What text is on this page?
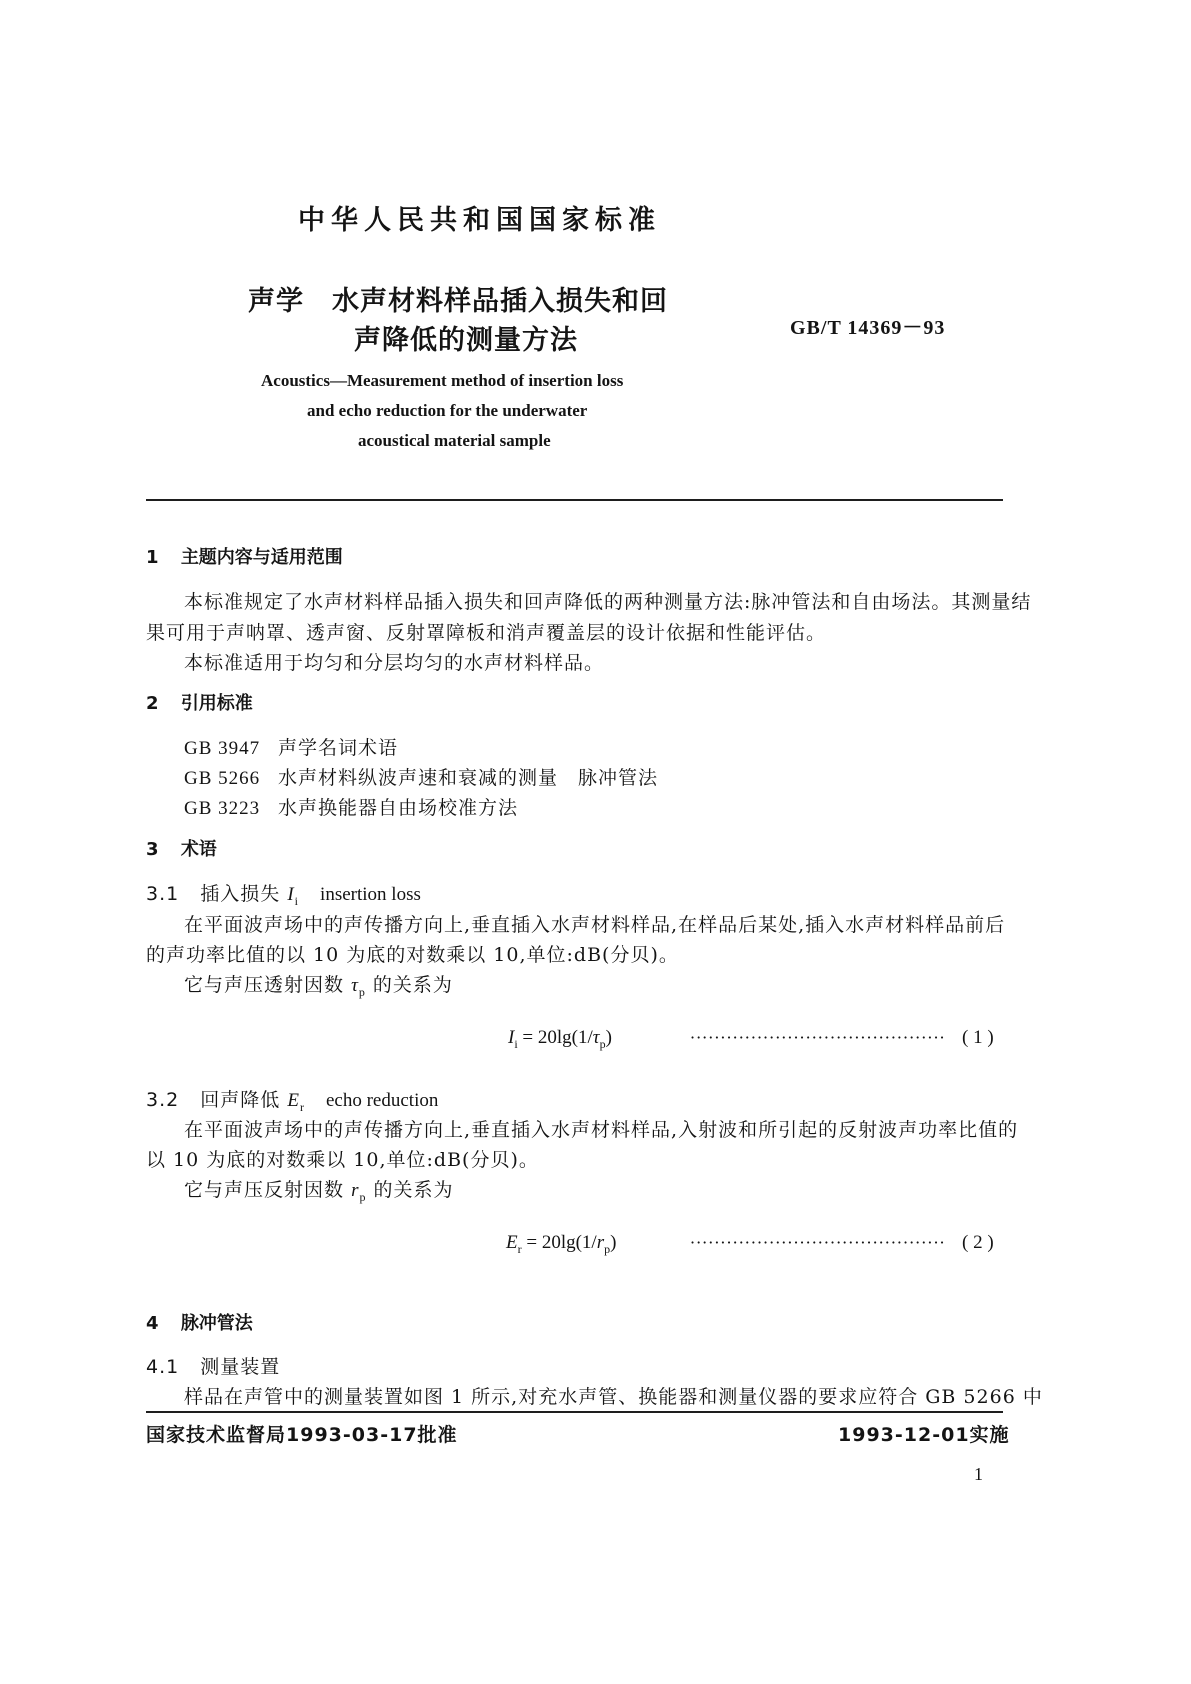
中华人民共和国国家标准
声学　水声材料样品插入损失和回
声降低的测量方法	GB/T 14369－93
Acoustics—Measurement method of insertion loss
and echo reduction for the underwater
acoustical material sample
1 主题内容与适用范围
本标准规定了水声材料样品插入损失和回声降低的两种测量方法:脉冲管法和自由场法。其测量结
果可用于声呐罩、透声窗、反射罩障板和消声覆盖层的设计依据和性能评估。
本标准适用于均匀和分层均匀的水声材料样品。
2 引用标准
GB 3947 声学名词术语
GB 5266 水声材料纵波声速和衰减的测量　脉冲管法
GB 3223 水声换能器自由场校准方法
3 术语
3.1 插入损失 $I_i$ insertion loss
在平面波声场中的声传播方向上,垂直插入水声材料样品,在样品后某处,插入水声材料样品前后
的声功率比值的以 10 为底的对数乘以 10,单位:dB(分贝)。
它与声压透射因数 $\tau_p$ 的关系为
$I_i = 20\lg(1/\tau_p)$	·········································· ( 1 )
3.2 回声降低 $E_r$ echo reduction
在平面波声场中的声传播方向上,垂直插入水声材料样品,入射波和所引起的反射波声功率比值的
以 10 为底的对数乘以 10,单位:dB(分贝)。
它与声压反射因数 $r_p$ 的关系为
$E_r = 20\lg(1/r_p)$	·········································· ( 2 )
4 脉冲管法
4.1 测量装置
样品在声管中的测量装置如图 1 所示,对充水声管、换能器和测量仪器的要求应符合 GB 5266 中
国家技术监督局1993-03-17批准	1993-12-01实施
1
